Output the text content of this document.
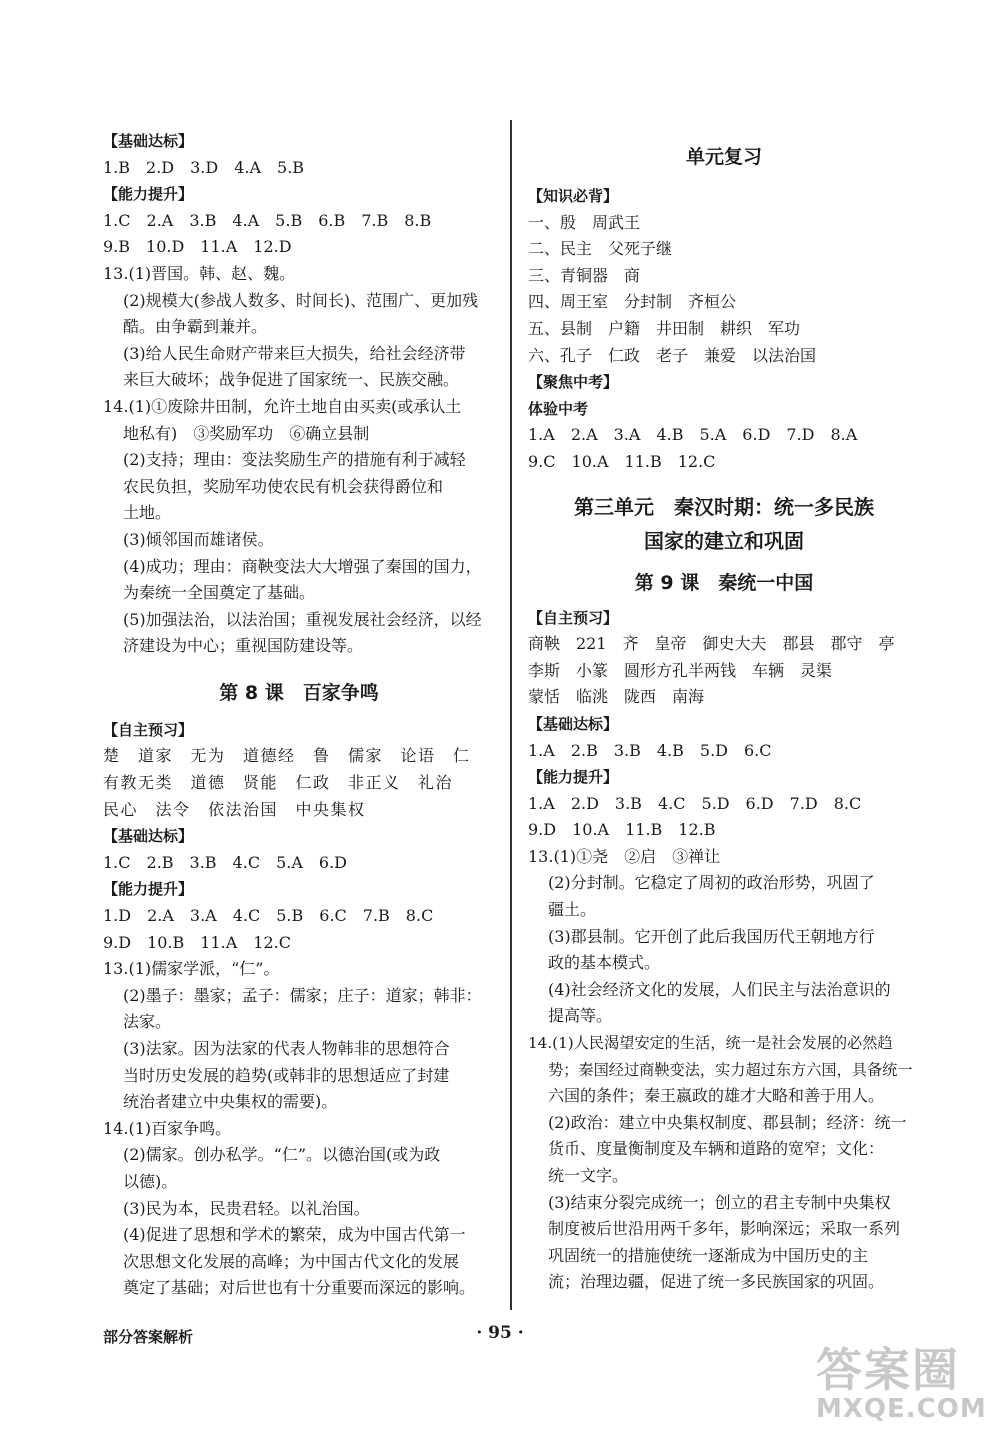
【基础达标】
1.B　2.D　3.D　4.A　5.B
【能力提升】
1.C　2.A　3.B　4.A　5.B　6.B　7.B　8.B
9.B　10.D　11.A　12.D
13.(1)晋国。韩、赵、魏。
(2)规模大(参战人数多、时间长)、范围广、更加残
酷。由争霸到兼并。
(3)给人民生命财产带来巨大损失，给社会经济带
来巨大破坏；战争促进了国家统一、民族交融。
14.(1)①废除井田制，允许土地自由买卖(或承认土
地私有)　③奖励军功　⑥确立县制
(2)支持；理由：变法奖励生产的措施有利于减轻
农民负担，奖励军功使农民有机会获得爵位和
土地。
(3)倾邻国而雄诸侯。
(4)成功；理由：商鞅变法大大增强了秦国的国力，
为秦统一全国奠定了基础。
(5)加强法治，以法治国；重视发展社会经济，以经
济建设为中心；重视国防建设等。
第 8 课　百家争鸣
【自主预习】
楚　道家　无为　道德经　鲁　儒家　论语　仁
有教无类　道德　贤能　仁政　非正义　礼治
民心　法令　依法治国　中央集权
【基础达标】
1.C　2.B　3.B　4.C　5.A　6.D
【能力提升】
1.D　2.A　3.A　4.C　5.B　6.C　7.B　8.C
9.D　10.B　11.A　12.C
13.(1)儒家学派，“仁”。
(2)墨子：墨家；孟子：儒家；庄子：道家；韩非：
法家。
(3)法家。因为法家的代表人物韩非的思想符合
当时历史发展的趋势(或韩非的思想适应了封建
统治者建立中央集权的需要)。
14.(1)百家争鸣。
(2)儒家。创办私学。“仁”。以德治国(或为政
以德)。
(3)民为本，民贵君轻。以礼治国。
(4)促进了思想和学术的繁荣，成为中国古代第一
次思想文化发展的高峰；为中国古代文化的发展
奠定了基础；对后世也有十分重要而深远的影响。
单元复习
【知识必背】
一、殷　周武王
二、民主　父死子继
三、青铜器　商
四、周王室　分封制　齐桓公
五、县制　户籍　井田制　耕织　军功
六、孔子　仁政　老子　兼爱　以法治国
【聚焦中考】
体验中考
1.A　2.A　3.A　4.B　5.A　6.D　7.D　8.A
9.C　10.A　11.B　12.C
第三单元　秦汉时期：统一多民族
国家的建立和巩固
第 9 课　秦统一中国
【自主预习】
商鞅　221　齐　皇帝　御史大夫　郡县　郡守　亭
李斯　小篆　圆形方孔半两钱　车辆　灵渠
蒙恬　临洮　陇西　南海
【基础达标】
1.A　2.B　3.B　4.B　5.D　6.C
【能力提升】
1.A　2.D　3.B　4.C　5.D　6.D　7.D　8.C
9.D　10.A　11.B　12.B
13.(1)①尧　②启　③禅让
(2)分封制。它稳定了周初的政治形势，巩固了
疆土。
(3)郡县制。它开创了此后我国历代王朝地方行
政的基本模式。
(4)社会经济文化的发展，人们民主与法治意识的
提高等。
14.(1)人民渴望安定的生活，统一是社会发展的必然趋
势；秦国经过商鞅变法，实力超过东方六国，具备统一
六国的条件；秦王嬴政的雄才大略和善于用人。
(2)政治：建立中央集权制度、郡县制；经济：统一
货币、度量衡制度及车辆和道路的宽窄；文化：
统一文字。
(3)结束分裂完成统一；创立的君主专制中央集权
制度被后世沿用两千多年，影响深远；采取一系列
巩固统一的措施使统一逐渐成为中国历史的主
流；治理边疆，促进了统一多民族国家的巩固。
部分答案解析	· 95 ·
答案圈
MXQE.COM
